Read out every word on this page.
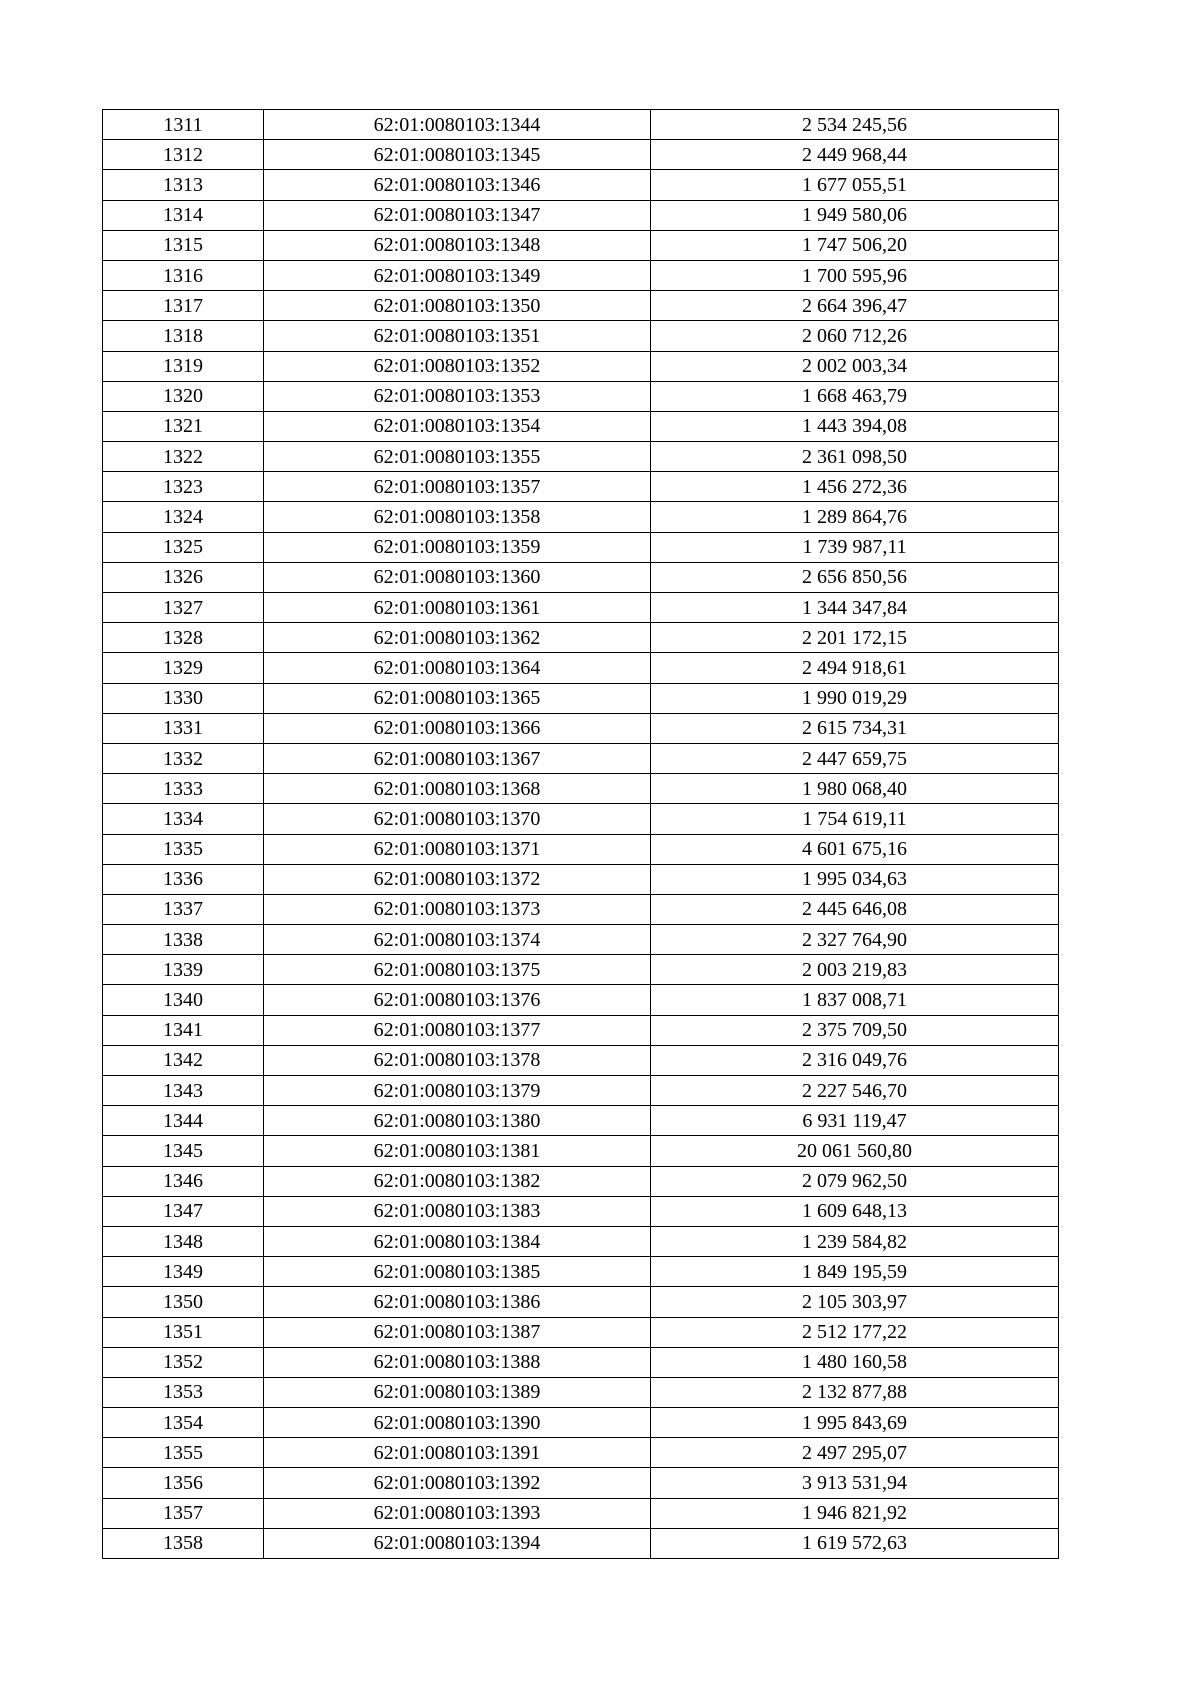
1311	62:01:0080103:1344	2 534 245,56
1312	62:01:0080103:1345	2 449 968,44
1313	62:01:0080103:1346	1 677 055,51
1314	62:01:0080103:1347	1 949 580,06
1315	62:01:0080103:1348	1 747 506,20
1316	62:01:0080103:1349	1 700 595,96
1317	62:01:0080103:1350	2 664 396,47
1318	62:01:0080103:1351	2 060 712,26
1319	62:01:0080103:1352	2 002 003,34
1320	62:01:0080103:1353	1 668 463,79
1321	62:01:0080103:1354	1 443 394,08
1322	62:01:0080103:1355	2 361 098,50
1323	62:01:0080103:1357	1 456 272,36
1324	62:01:0080103:1358	1 289 864,76
1325	62:01:0080103:1359	1 739 987,11
1326	62:01:0080103:1360	2 656 850,56
1327	62:01:0080103:1361	1 344 347,84
1328	62:01:0080103:1362	2 201 172,15
1329	62:01:0080103:1364	2 494 918,61
1330	62:01:0080103:1365	1 990 019,29
1331	62:01:0080103:1366	2 615 734,31
1332	62:01:0080103:1367	2 447 659,75
1333	62:01:0080103:1368	1 980 068,40
1334	62:01:0080103:1370	1 754 619,11
1335	62:01:0080103:1371	4 601 675,16
1336	62:01:0080103:1372	1 995 034,63
1337	62:01:0080103:1373	2 445 646,08
1338	62:01:0080103:1374	2 327 764,90
1339	62:01:0080103:1375	2 003 219,83
1340	62:01:0080103:1376	1 837 008,71
1341	62:01:0080103:1377	2 375 709,50
1342	62:01:0080103:1378	2 316 049,76
1343	62:01:0080103:1379	2 227 546,70
1344	62:01:0080103:1380	6 931 119,47
1345	62:01:0080103:1381	20 061 560,80
1346	62:01:0080103:1382	2 079 962,50
1347	62:01:0080103:1383	1 609 648,13
1348	62:01:0080103:1384	1 239 584,82
1349	62:01:0080103:1385	1 849 195,59
1350	62:01:0080103:1386	2 105 303,97
1351	62:01:0080103:1387	2 512 177,22
1352	62:01:0080103:1388	1 480 160,58
1353	62:01:0080103:1389	2 132 877,88
1354	62:01:0080103:1390	1 995 843,69
1355	62:01:0080103:1391	2 497 295,07
1356	62:01:0080103:1392	3 913 531,94
1357	62:01:0080103:1393	1 946 821,92
1358	62:01:0080103:1394	1 619 572,63
